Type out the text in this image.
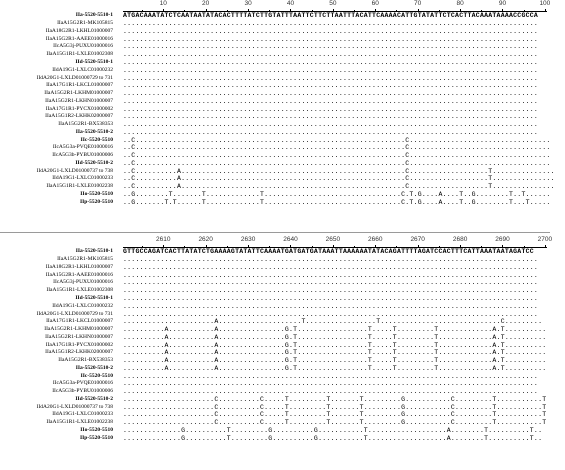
10	20	30	40	50	60	70	80	90	100
IIa-5520-5510-1	ATGACAAATATCTCAATAATATACACTTTTATCTTGTATTTAATTCTTCTTAATTTACATTCAAAACATTGTATATTCTCACTTACAAATAAAACCGCCA
IIaA15G2R1-MK105815	....................................................................................................
IIaA18G2R1-LKHL01000007	....................................................................................................
IIaA15G2R1-AAEE01000016	....................................................................................................
IIcA5G3j-PUXU01000016	....................................................................................................
IIaA15G1R1-LXLE01002308	....................................................................................................
IId-5520-5510-1	....................................................................................................
IIdA19G1-LXLC01000232	....................................................................................................
IIdA20G1-LXLD01000729 to 731	....................................................................................................
IIaA17G1R1-LKCL01000007	....................................................................................................
IIaA15G2R1-LKHM01000007	....................................................................................................
IIaA15G2R1-LKHN01000007	....................................................................................................
IIaA17G1R1-PYCX01000002	....................................................................................................
IIaA15G1R2-LKHK02000007	....................................................................................................
IIaA15G2R1-BX538353	....................................................................................................
IIa-5520-5510-2	....................................................................................................
IIc-5520-5510	..C.................................................................C..................................
IIcA5G3a-PVQE01000016	..C.................................................................C..................................
IIcA5G3b-PYBU01000006	..C.................................................................C..................................
IId-5520-5510-2	..C.................................................................C..................................
IIdA20G1-LXLD01000737 to 738	..C..........A......................................................C...................T...............
IIdA19G1-LXLC01000233	..C..........A......................................................C...................T...............
IIaA15G1R1-LXLE01002238	..C..........A......................................................C...................T...............
IIo-5520-5510	..G........T.......T.............T.................................C.T.G....A....T..G........T..T......
IIp-5520-5510	..G.......T.T......T.............T.................................C.T.G....A....T..G........T...T.....
2610	2620	2630	2640	2650	2660	2670	2680	2690	2700
IIa-5520-5510-1	GTTGCCAGATCACTTATATCTGAAAAGTATATTCAAAATGATGATGATAAATTAAAAAATATACAGATTTTAGATCCACTTTCATTAAATAATAGATCC
IIaA15G2R1-MK105815	....................................................................................................
IIaA18G2R1-LKHL01000007	....................................................................................................
IIaA15G2R1-AAEE01000016	....................................................................................................
IIcA5G3j-PUXU01000016	....................................................................................................
IIaA15G1R1-LXLE01002308	....................................................................................................
IId-5520-5510-1	....................................................................................................
IIdA19G1-LXLC01000232	....................................................................................................
IIdA20G1-LXLD01000729 to 731	....................................................................................................
IIaA17G1R1-LKCL01000007	......................A....................T.................T.............................C.........
IIaA15G2R1-LKHM01000007	..........A...........A................G.T.................T.....T.........T.............A.T..........
IIaA15G2R1-LKHN01000007	..........A...........A................G.T.................T.....T.........T.............A.T..........
IIaA17G1R1-PYCX01000002	..........A...........A................G.T.................T.....T.........T.............A.T..........
IIaA15G1R2-LKHK02000007	..........A...........A................G.T.................T.....T.........T.............A.T..........
IIaA15G2R1-BX538353	..........A...........A................G.T.................T.....T.........T.............A.T..........
IIa-5520-5510-2	..........A...........A................G.T.................T.....T.........T.............A.T..........
IIc-5520-5510	....................................................................................................
IIcA5G3a-PVQE01000016	....................................................................................................
IIcA5G3b-PYBU01000006	....................................................................................................
IId-5520-5510-2	......................C..........C.....T.........T.......T.........G...........C.........T...........T
IIdA20G1-LXLD01000737 to 738	......................C..........C.....T.........T.......T.........G...........C.........T...........T
IIdA19G1-LXLC01000233	......................C..........C.....T.........T.......T.........G...........C.........T...........T
IIaA15G1R1-LXLE01002238	......................C..........C.....T.........T.......T.........G...........C.........T...........T
IIo-5520-5510	..............G..........T.........G..........G...........T...................A........T..........T..
IIp-5520-5510	..............G..........T.........G..........G...........T...................A........T..........T..
